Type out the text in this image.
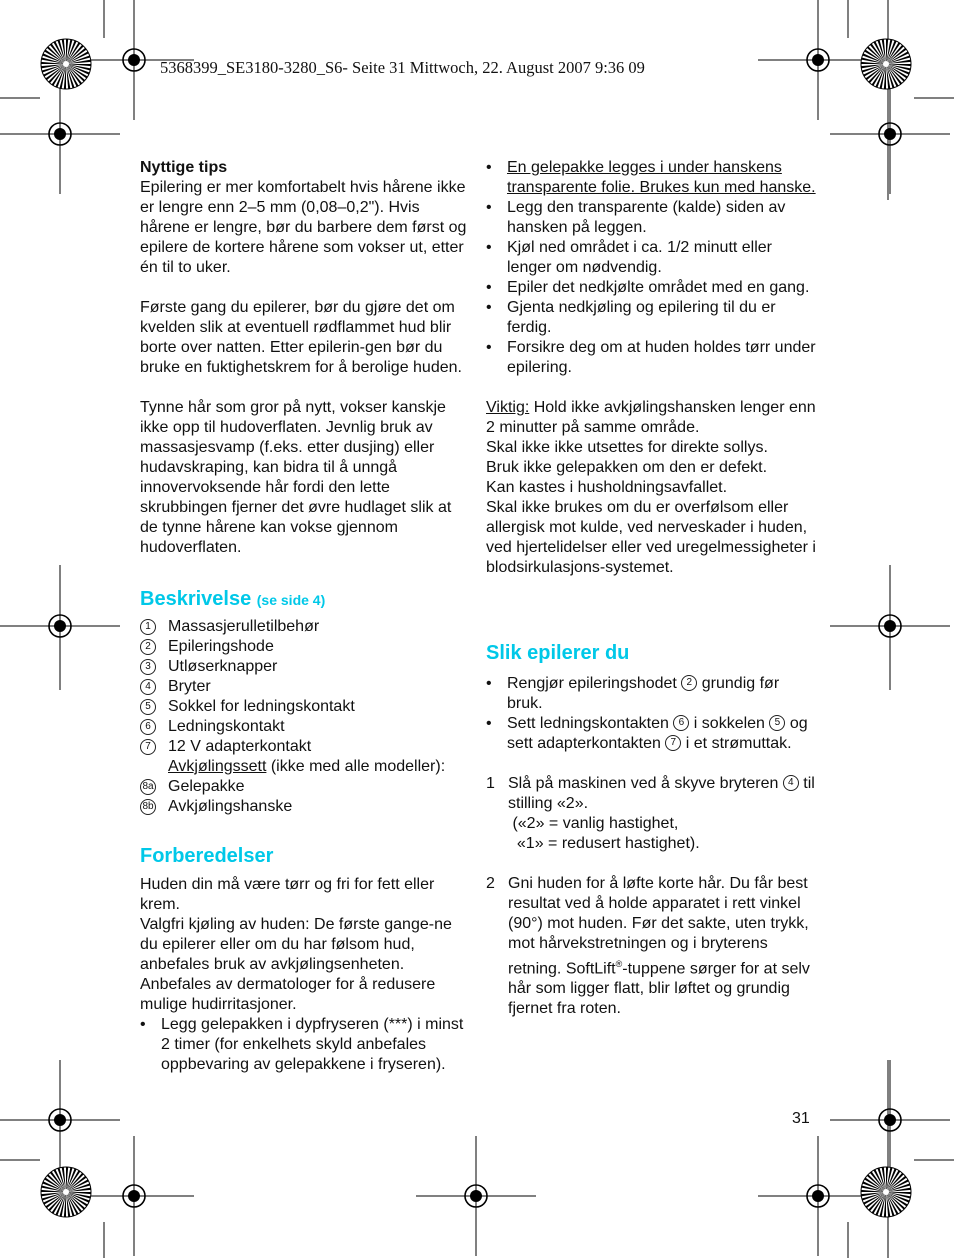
5368399_SE3180-3280_S6- Seite 31 Mittwoch, 22. August 2007 9:36 09

Nyttige tips

Epilering er mer komfortabelt hvis hårene ikke er lengre enn 2–5 mm (0,08–0,2"). Hvis hårene er lengre, bør du barbere dem først og epilere de kortere hårene som vokser ut, etter én til to uker.

Første gang du epilerer, bør du gjøre det om kvelden slik at eventuell rødflammet hud blir borte over natten. Etter epilerin-gen bør du bruke en fuktighetskrem for å berolige huden.

Tynne hår som gror på nytt, vokser kanskje ikke opp til hudoverflaten. Jevnlig bruk av massasjesvamp (f.eks. etter dusjing) eller hudavskraping, kan bidra til å unngå innovervoksende hår fordi den lette skrubbingen fjerner det øvre hudlaget slik at de tynne hårene kan vokse gjennom hudoverflaten.

Beskrivelse (se side 4)
1	Massasjerulletilbehør
2	Epileringshode
3	Utløserknapper
4	Bryter
5	Sokkel for ledningskontakt
6	Ledningskontakt
7	12 V adapterkontakt
Avkjølingssett (ikke med alle modeller):
8a Gelepakke
8b Avkjølingshanske
Forberedelser

Huden din må være tørr og fri for fett eller krem.

Valgfri kjøling av huden: De første gange-ne du epilerer eller om du har følsom hud, anbefales bruk av avkjølingsenheten. Anbefales av dermatologer for å redusere mulige hudirritasjoner.

• Legg gelepakken i dypfryseren (***) i minst 2 timer (for enkelhets skyld anbefales oppbevaring av gelepakkene i fryseren).
• En gelepakke legges i under hanskens transparente folie. Brukes kun med hanske.
• Legg den transparente (kalde) siden av hansken på leggen.
• Kjøl ned området i ca. 1/2 minutt eller lenger om nødvendig.
• Epiler det nedkjølte området med en gang.
• Gjenta nedkjøling og epilering til du er ferdig.
• Forsikre deg om at huden holdes tørr under epilering.

Viktig: Hold ikke avkjølingshansken lenger enn 2 minutter på samme område.

Skal ikke ikke utsettes for direkte sollys.

Bruk ikke gelepakken om den er defekt.

Kan kastes i husholdningsavfallet.

Skal ikke brukes om du er overfølsom eller allergisk mot kulde, ved nerveskader i huden, ved hjertelidelser eller ved uregelmessigheter i blodsirkulasjons-systemet.

Slik epilerer du
• Rengjør epileringshodet 2 grundig før bruk.
• Sett ledningskontakten 6 i sokkelen 5 og sett adapterkontakten 7 i et strømuttak.
1 Slå på maskinen ved å skyve bryteren 4 til stilling «2».
(«2» = vanlig hastighet,
«1» = redusert hastighet).
2 Gni huden for å løfte korte hår. Du får best resultat ved å holde apparatet i rett vinkel (90°) mot huden. Før det sakte, uten trykk, mot hårvekstretningen og i bryterens retning. SoftLift®-tuppene sørger for at selv hår som ligger flatt, blir løftet og grundig fjernet fra roten.
31
